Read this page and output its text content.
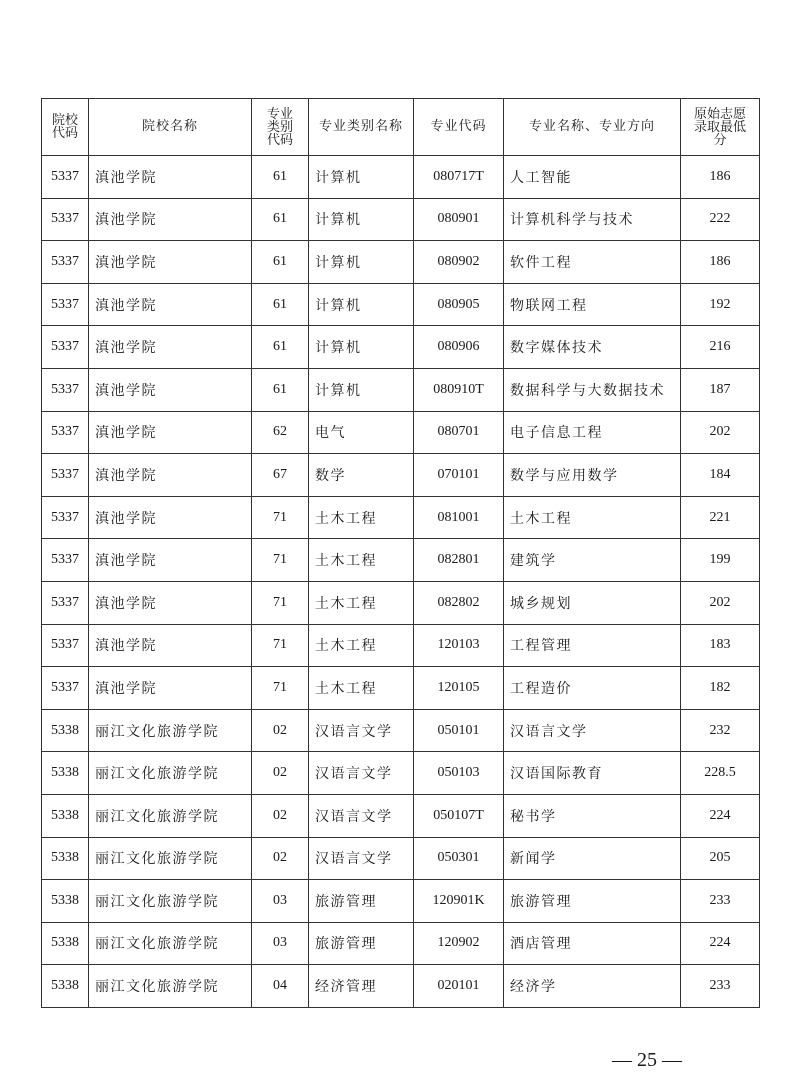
院校代码	院校名称	专业类别代码	专业类别名称	专业代码	专业名称、专业方向	原始志愿录取最低分
5337	滇池学院	61	计算机	080717T	人工智能	186
5337	滇池学院	61	计算机	080901	计算机科学与技术	222
5337	滇池学院	61	计算机	080902	软件工程	186
5337	滇池学院	61	计算机	080905	物联网工程	192
5337	滇池学院	61	计算机	080906	数字媒体技术	216
5337	滇池学院	61	计算机	080910T	数据科学与大数据技术	187
5337	滇池学院	62	电气	080701	电子信息工程	202
5337	滇池学院	67	数学	070101	数学与应用数学	184
5337	滇池学院	71	土木工程	081001	土木工程	221
5337	滇池学院	71	土木工程	082801	建筑学	199
5337	滇池学院	71	土木工程	082802	城乡规划	202
5337	滇池学院	71	土木工程	120103	工程管理	183
5337	滇池学院	71	土木工程	120105	工程造价	182
5338	丽江文化旅游学院	02	汉语言文学	050101	汉语言文学	232
5338	丽江文化旅游学院	02	汉语言文学	050103	汉语国际教育	228.5
5338	丽江文化旅游学院	02	汉语言文学	050107T	秘书学	224
5338	丽江文化旅游学院	02	汉语言文学	050301	新闻学	205
5338	丽江文化旅游学院	03	旅游管理	120901K	旅游管理	233
5338	丽江文化旅游学院	03	旅游管理	120902	酒店管理	224
5338	丽江文化旅游学院	04	经济管理	020101	经济学	233
— 25 —
